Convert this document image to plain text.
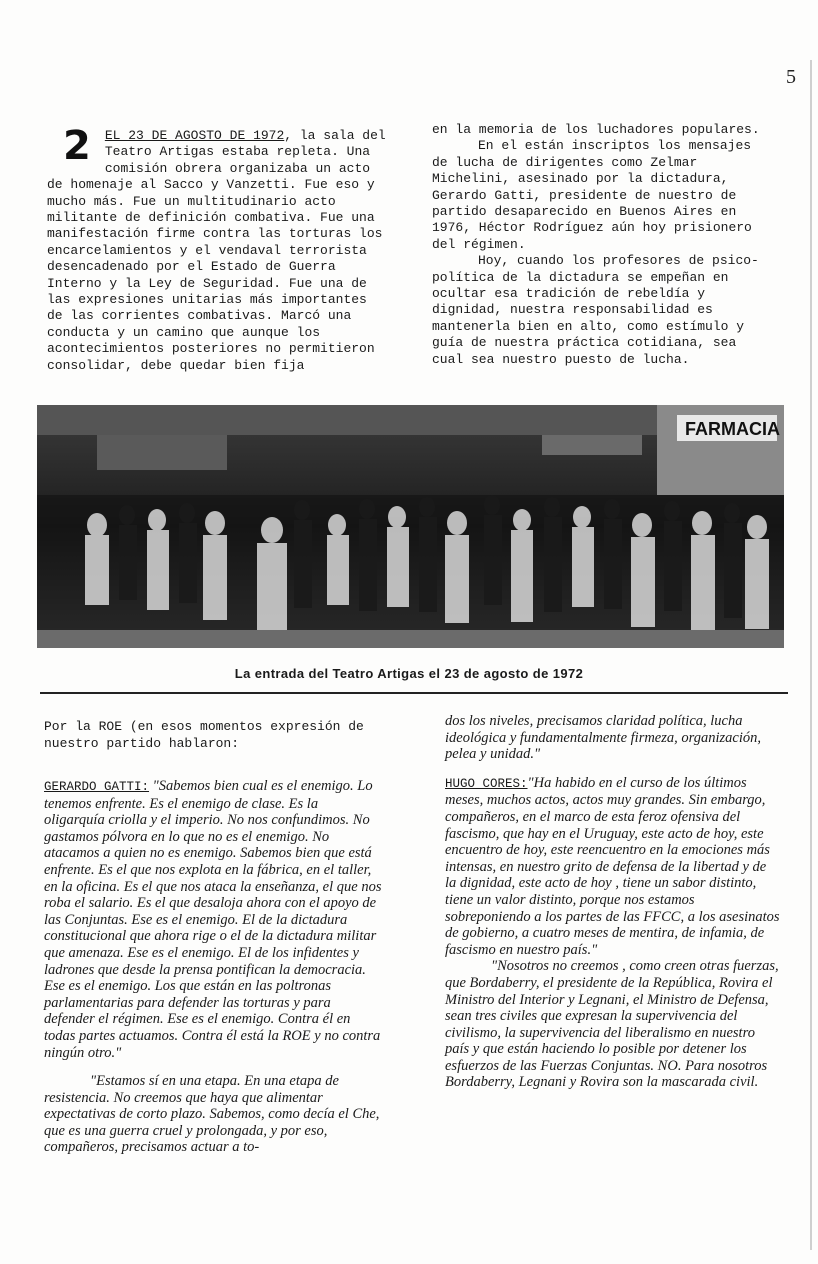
5

2 EL 23 DE AGOSTO DE 1972, la sala del Teatro Artigas estaba repleta. Una comisión obrera organizaba un acto de homenaje al Sacco y Vanzetti. Fue eso y mucho más. Fue un multitudinario acto militante de definición combativa. Fue una manifestación firme contra las torturas los encarcelamientos y el vendaval terrorista desencadenado por el Estado de Guerra Interno y la Ley de Seguridad. Fue una de las expresiones unitarias más importantes de las corrientes combativas. Marcó una conducta y un camino que aunque los acontecimientos posteriores no permitieron consolidar, debe quedar bien fija

en la memoria de los luchadores populares.

En el están inscriptos los mensajes de lucha de dirigentes como Zelmar Michelini, asesinado por la dictadura, Gerardo Gatti, presidente de nuestro de partido desaparecido en Buenos Aires en 1976, Héctor Rodríguez aún hoy prisionero del régimen.

Hoy, cuando los profesores de psico-política de la dictadura se empeñan en ocultar esa tradición de rebeldía y dignidad, nuestra responsabilidad es mantenerla bien en alto, como estímulo y guía de nuestra práctica cotidiana, sea cual sea nuestro puesto de lucha.

FARMACIA
La entrada del Teatro Artigas el 23 de agosto de 1972

Por la ROE (en esos momentos expresión de nuestro partido hablaron:

GERARDO GATTI: "Sabemos bien cual es el enemigo. Lo tenemos enfrente. Es el enemigo de clase. Es la oligarquía criolla y el imperio. No nos confundimos. No gastamos pólvora en lo que no es el enemigo. No atacamos a quien no es enemigo. Sabemos bien que está enfrente. Es el que nos explota en la fábrica, en el taller, en la oficina. Es el que nos ataca la enseñanza, el que nos roba el salario. Es el que desaloja ahora con el apoyo de las Conjuntas. Ese es el enemigo. El de la dictadura constitucional que ahora rige o el de la dictadura militar que amenaza. Ese es el enemigo. El de los infidentes y ladrones que desde la prensa pontifican la democracia. Ese es el enemigo. Los que están en las poltronas parlamentarias para defender las torturas y para defender el régimen. Ese es el enemigo. Contra él en todas partes actuamos. Contra él está la ROE y no contra ningún otro."

"Estamos sí en una etapa. En una etapa de resistencia. No creemos que haya que alimentar expectativas de corto plazo. Sabemos, como decía el Che, que es una guerra cruel y prolongada, y por eso, compañeros, precisamos actuar a to-

dos los niveles, precisamos claridad política, lucha ideológica y fundamentalmente firmeza, organización, pelea y unidad."

HUGO CORES:"Ha habido en el curso de los últimos meses, muchos actos, actos muy grandes. Sin embargo, compañeros, en el marco de esta feroz ofensiva del fascismo, que hay en el Uruguay, este acto de hoy, este encuentro de hoy, este reencuentro en la emociones más intensas, en nuestro grito de defensa de la libertad y de la dignidad, este acto de hoy , tiene un sabor distinto, tiene un valor distinto, porque nos estamos sobreponiendo a los partes de las FFCC, a los asesinatos de gobierno, a cuatro meses de mentira, de infamia, de fascismo en nuestro país."

"Nosotros no creemos , como creen otras fuerzas, que Bordaberry, el presidente de la República, Rovira el Ministro del Interior y Legnani, el Ministro de Defensa, sean tres civiles que expresan la supervivencia del civilismo, la supervivencia del liberalismo en nuestro país y que están haciendo lo posible por detener los esfuerzos de las Fuerzas Conjuntas. NO. Para nosotros Bordaberry, Legnani y Rovira son la mascarada civil.
